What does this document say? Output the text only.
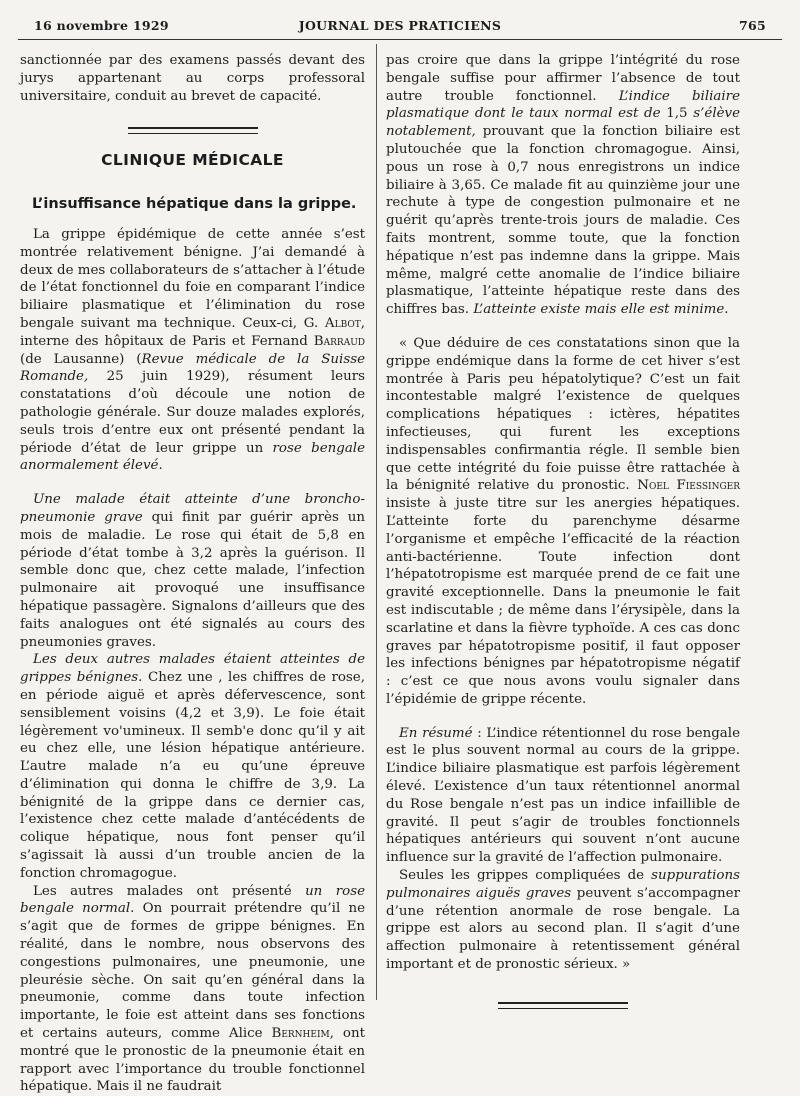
16 novembre 1929	JOURNAL DES PRATICIENS	765

sanctionnée par des examens passés devant des jurys appartenant au corps professoral universitaire, conduit au brevet de capacité.

CLINIQUE MÉDICALE
L’insuffisance hépatique dans la grippe.

La grippe épidémique de cette année s’est montrée relativement bénigne. J’ai demandé à deux de mes collaborateurs de s’attacher à l’étude de l’état fonctionnel du foie en comparant l’indice biliaire plasmatique et l’élimination du rose bengale suivant ma technique. Ceux-ci, G. Albot, interne des hôpitaux de Paris et Fernand Barraud (de Lausanne) (Revue médicale de la Suisse Romande, 25 juin 1929), résument leurs constatations d’où découle une notion de pathologie générale. Sur douze malades explorés, seuls trois d’entre eux ont présenté pendant la période d’état de leur grippe un rose bengale anormalement élevé.

Une malade était atteinte d’une broncho-pneumonie grave qui finit par guérir après un mois de maladie. Le rose qui était de 5,8 en période d’état tombe à 3,2 après la guérison. Il semble donc que, chez cette malade, l’infection pulmonaire ait provoqué une insuffisance hépatique passagère. Signalons d’ailleurs que des faits analogues ont été signalés au cours des pneumonies graves.

Les deux autres malades étaient atteintes de grippes bénignes. Chez une , les chiffres de rose, en période aiguë et après défervescence, sont sensiblement voisins (4,2 et 3,9). Le foie était légèrement vo'umineux. Il semb'e donc qu’il y ait eu chez elle, une lésion hépatique antérieure. L’autre malade n’a eu qu’une épreuve d’élimination qui donna le chiffre de 3,9. La bénignité de la grippe dans ce dernier cas, l’existence chez cette malade d’antécédents de colique hépatique, nous font penser qu’il s’agissait là aussi d’un trouble ancien de la fonction chromagogue.

Les autres malades ont présenté un rose bengale normal. On pourrait prétendre qu’il ne s’agit que de formes de grippe bénignes. En réalité, dans le nombre, nous observons des congestions pulmonaires, une pneumonie, une pleurésie sèche. On sait qu’en général dans la pneumonie, comme dans toute infection importante, le foie est atteint dans ses fonctions et certains auteurs, comme Alice Bernheim, ont montré que le pronostic de la pneumonie était en rapport avec l’importance du trouble fonctionnel hépatique. Mais il ne faudrait

pas croire que dans la grippe l’intégrité du rose bengale suffise pour affirmer l’absence de tout autre trouble fonctionnel. L’indice biliaire plasmatique dont le taux normal est de 1,5 s’élève notablement, prouvant que la fonction biliaire est plutouchée que la fonction chromagogue. Ainsi, pous un rose à 0,7 nous enregistrons un indice biliaire à 3,65. Ce malade fit au quinzième jour une rechute à type de congestion pulmonaire et ne guérit qu’après trente-trois jours de maladie. Ces faits montrent, somme toute, que la fonction hépatique n’est pas indemne dans la grippe. Mais même, malgré cette anomalie de l’indice biliaire plasmatique, l’atteinte hépatique reste dans des chiffres bas. L’atteinte existe mais elle est minime.

« Que déduire de ces constatations sinon que la grippe endémique dans la forme de cet hiver s’est montrée à Paris peu hépatolytique? C’est un fait incontestable malgré l’existence de quelques complications hépatiques : ictères, hépatites infectieuses, qui furent les exceptions indispensables confirmantia régle. Il semble bien que cette intégrité du foie puisse être rattachée à la bénignité relative du pronostic. Noel Fiessinger insiste à juste titre sur les anergies hépatiques. L’atteinte forte du parenchyme désarme l’organisme et empêche l’efficacité de la réaction anti-bactérienne. Toute infection dont l’hépatotropisme est marquée prend de ce fait une gravité exceptionnelle. Dans la pneumonie le fait est indiscutable ; de même dans l’érysipèle, dans la scarlatine et dans la fièvre typhoïde. A ces cas donc graves par hépatotropisme positif, il faut opposer les infections bénignes par hépatotropisme négatif : c’est ce que nous avons voulu signaler dans l’épidémie de grippe récente.

En résumé : L’indice rétentionnel du rose bengale est le plus souvent normal au cours de la grippe. L’indice biliaire plasmatique est parfois légèrement élevé. L’existence d’un taux rétentionnel anormal du Rose bengale n’est pas un indice infaillible de gravité. Il peut s’agir de troubles fonctionnels hépatiques antérieurs qui souvent n’ont aucune influence sur la gravité de l’affection pulmonaire.

Seules les grippes compliquées de suppurations pulmonaires aiguës graves peuvent s’accompagner d’une rétention anormale de rose bengale. La grippe est alors au second plan. Il s’agit d’une affection pulmonaire à retentissement général important et de pronostic sérieux. »
